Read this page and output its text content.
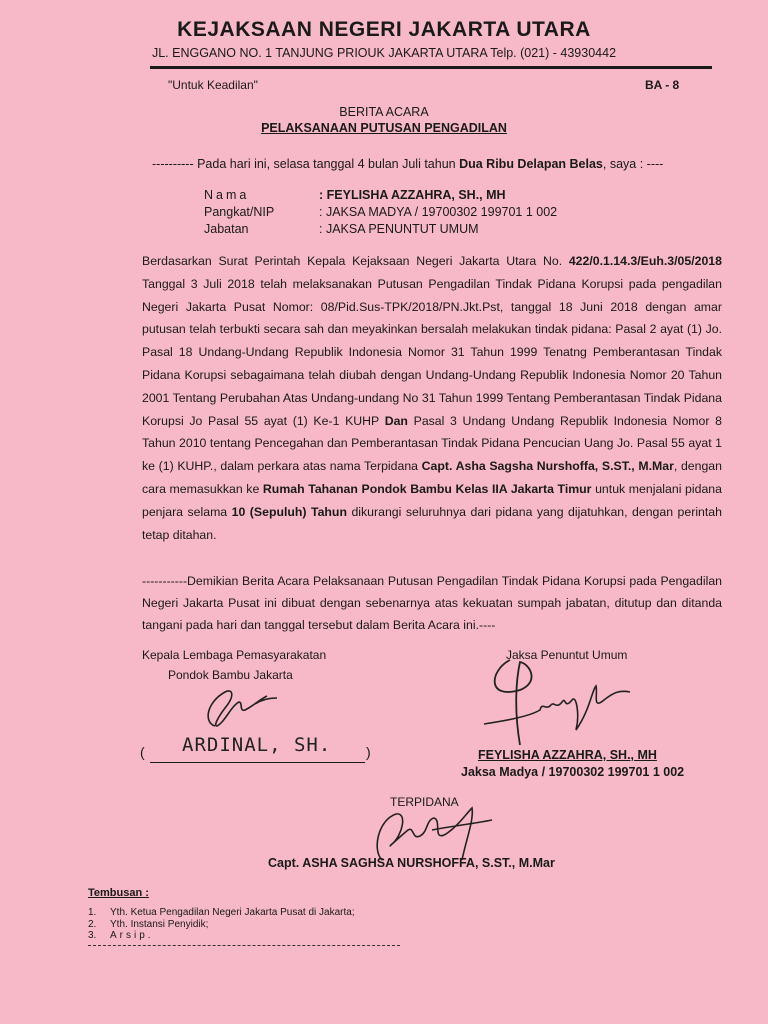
KEJAKSAAN NEGERI JAKARTA UTARA
JL. ENGGANO NO. 1 TANJUNG PRIOUK JAKARTA UTARA Telp. (021) - 43930442
"Untuk Keadilan"	BA - 8
BERITA ACARA
PELAKSANAAN PUTUSAN PENGADILAN
---------- Pada hari ini, selasa tanggal 4 bulan Juli tahun Dua Ribu Delapan Belas, saya : ----
Nama	: FEYLISHA AZZAHRA, SH., MH
Pangkat/NIP	: JAKSA MADYA / 19700302 199701 1 002
Jabatan	: JAKSA PENUNTUT UMUM
Berdasarkan Surat Perintah Kepala Kejaksaan Negeri Jakarta Utara No. 422/0.1.14.3/Euh.3/05/2018 Tanggal 3 Juli 2018 telah melaksanakan Putusan Pengadilan Tindak Pidana Korupsi pada pengadilan Negeri Jakarta Pusat Nomor: 08/Pid.Sus-TPK/2018/PN.Jkt.Pst, tanggal 18 Juni 2018 dengan amar putusan telah terbukti secara sah dan meyakinkan bersalah melakukan tindak pidana: Pasal 2 ayat (1) Jo. Pasal 18 Undang-Undang Republik Indonesia Nomor 31 Tahun 1999 Tenatng Pemberantasan Tindak Pidana Korupsi sebagaimana telah diubah dengan Undang-Undang Republik Indonesia Nomor 20 Tahun 2001 Tentang Perubahan Atas Undang-undang No 31 Tahun 1999 Tentang Pemberantasan Tindak Pidana Korupsi Jo Pasal 55 ayat (1) Ke-1 KUHP Dan Pasal 3 Undang Undang Republik Indonesia Nomor 8 Tahun 2010 tentang Pencegahan dan Pemberantasan Tindak Pidana Pencucian Uang Jo. Pasal 55 ayat 1 ke (1) KUHP., dalam perkara atas nama Terpidana Capt. Asha Sagsha Nurshoffa, S.ST., M.Mar, dengan cara memasukkan ke Rumah Tahanan Pondok Bambu Kelas IIA Jakarta Timur untuk menjalani pidana penjara selama 10 (Sepuluh) Tahun dikurangi seluruhnya dari pidana yang dijatuhkan, dengan perintah tetap ditahan.
-----------Demikian Berita Acara Pelaksanaan Putusan Pengadilan Tindak Pidana Korupsi pada Pengadilan Negeri Jakarta Pusat ini dibuat dengan sebenarnya atas kekuatan sumpah jabatan, ditutup dan ditanda tangani pada hari dan tanggal tersebut dalam Berita Acara ini.----
Kepala Lembaga Pemasyarakatan
Pondok Bambu Jakarta
( ARDINAL, SH. )
Jaksa Penuntut Umum
FEYLISHA AZZAHRA, SH., MH
Jaksa Madya / 19700302 199701 1 002
TERPIDANA
Capt. ASHA SAGHSA NURSHOFFA, S.ST., M.Mar
Tembusan :
1. Yth. Ketua Pengadilan Negeri Jakarta Pusat di Jakarta;
2. Yth. Instansi Penyidik;
3. Arsip.
